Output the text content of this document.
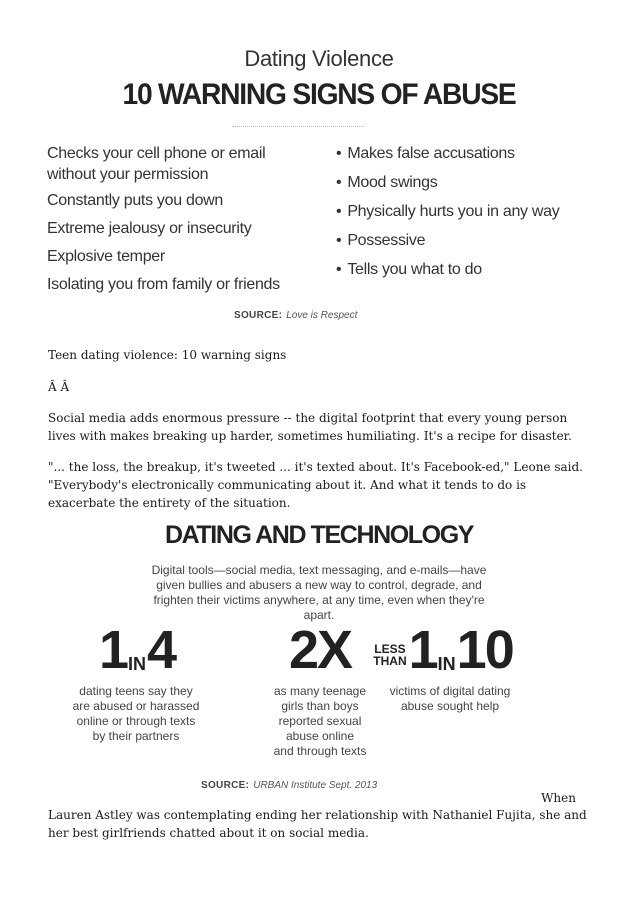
Dating Violence
10 WARNING SIGNS OF ABUSE
Checks your cell phone or email
without your permission
Constantly puts you down
Extreme jealousy or insecurity
Explosive temper
Isolating you from family or friends
• Makes false accusations
• Mood swings
• Physically hurts you in any way
• Possessive
• Tells you what to do
SOURCE: Love is Respect
Teen dating violence: 10 warning signs
Â Â
Social media adds enormous pressure -- the digital footprint that every young person lives with makes breaking up harder, sometimes humiliating. It's a recipe for disaster.
"... the loss, the breakup, it's tweeted ... it's texted about. It's Facebook-ed," Leone said. "Everybody's electronically communicating about it. And what it tends to do is exacerbate the entirety of the situation.
DATING AND TECHNOLOGY
Digital tools—social media, text messaging, and e-mails—have given bullies and abusers a new way to control, degrade, and frighten their victims anywhere, at any time, even when they're apart.
1 IN 4
dating teens say they
are abused or harassed
online or through texts
by their partners
2X
as many teenage
girls than boys
reported sexual
abuse online
and through texts
LESS
THAN 1 IN 10
victims of digital dating
abuse sought help
SOURCE: URBAN Institute Sept. 2013
When
Lauren Astley was contemplating ending her relationship with Nathaniel Fujita, she and her best girlfriends chatted about it on social media.
